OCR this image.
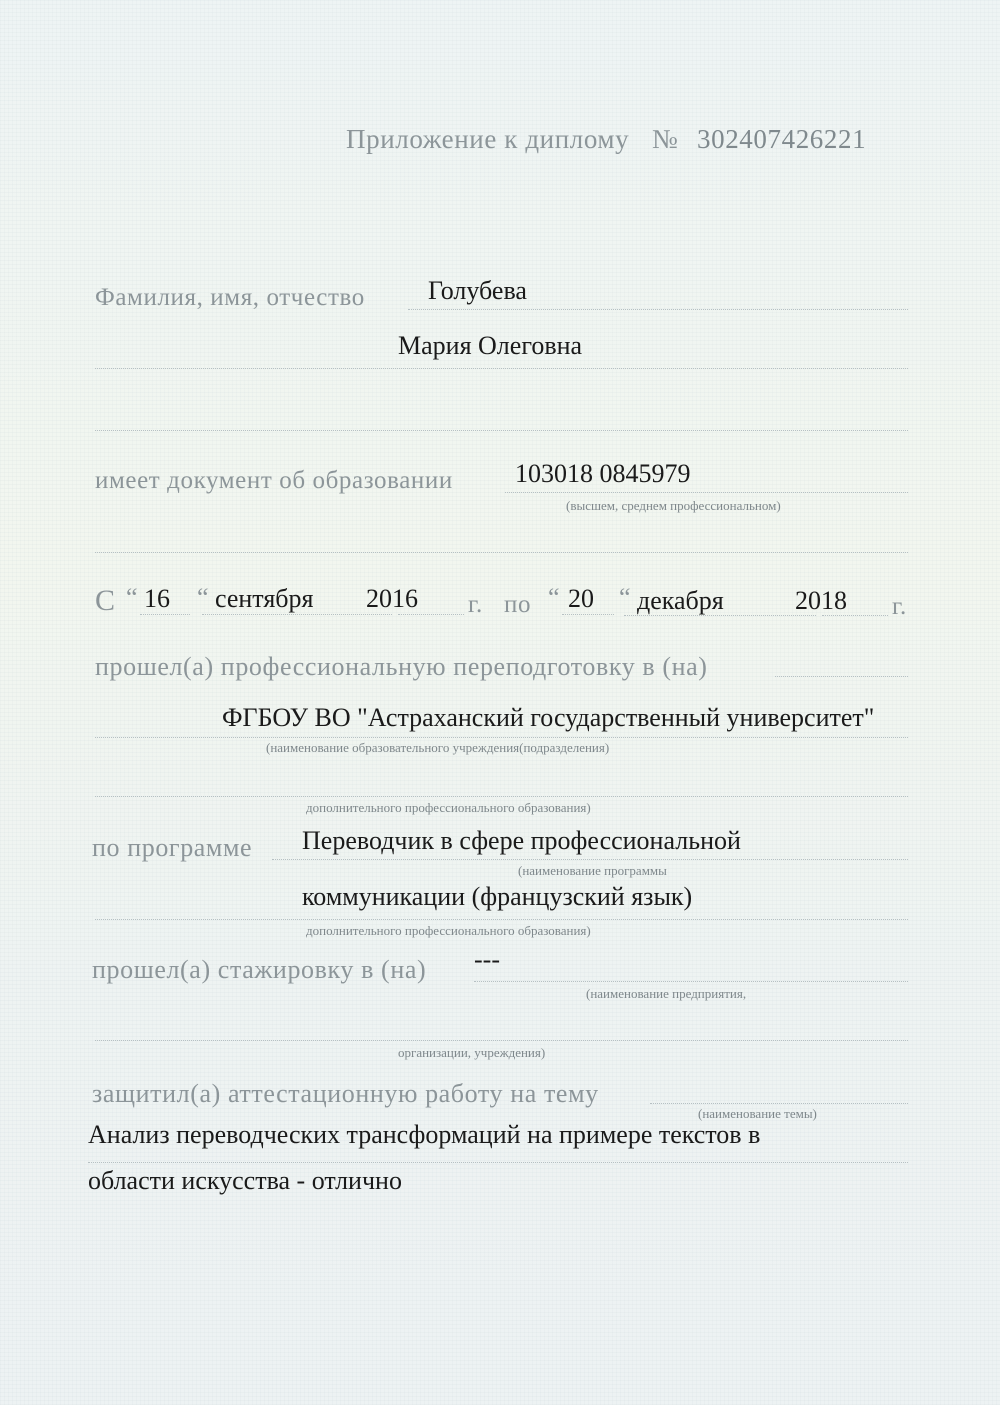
Приложение к диплому № 302407426221
Фамилия, имя, отчество Голубева
Мария Олеговна
имеет документ об образовании 103018 0845979
(высшем, среднем профессиональном)
С “ 16 “ сентября 2016 г. по “ 20 “ декабря	2018 г.
прошел(а) профессиональную переподготовку в (на)
ФГБОУ ВО "Астраханский государственный университет"
(наименование образовательного учреждения(подразделения)
дополнительного профессионального образования)
по программе Переводчик в сфере профессиональной
(наименование программы
коммуникации (французский язык)
дополнительного профессионального образования)
прошел(а) стажировку в (на) ---
(наименование предприятия,
организации, учреждения)
защитил(а) аттестационную работу на тему
(наименование темы)
Анализ переводческих трансформаций на примере текстов в
области искусства - отлично
